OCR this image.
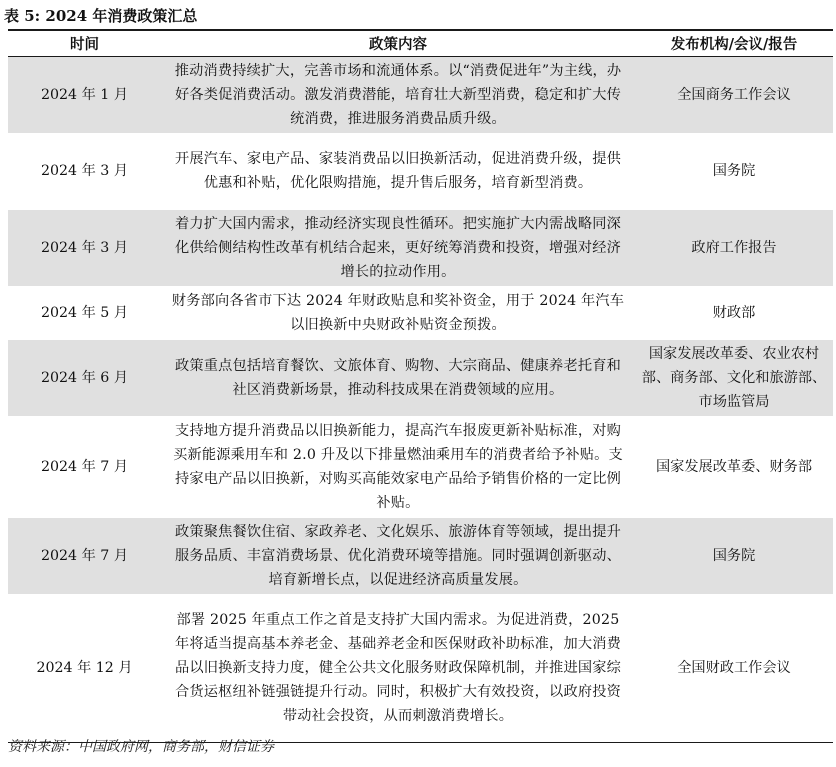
表 5: 2024 年消费政策汇总
时间	政策内容	发布机构/会议/报告
2024 年 1 月	推动消费持续扩大，完善市场和流通体系。以“消费促进年”为主线，办好各类促消费活动。激发消费潜能，培育壮大新型消费，稳定和扩大传统消费，推进服务消费品质升级。	全国商务工作会议
2024 年 3 月	开展汽车、家电产品、家装消费品以旧换新活动，促进消费升级，提供优惠和补贴，优化限购措施，提升售后服务，培育新型消费。	国务院
2024 年 3 月	着力扩大国内需求，推动经济实现良性循环。把实施扩大内需战略同深化供给侧结构性改革有机结合起来，更好统筹消费和投资，增强对经济增长的拉动作用。	政府工作报告
2024 年 5 月	财务部向各省市下达 2024 年财政贴息和奖补资金，用于 2024 年汽车以旧换新中央财政补贴资金预拨。	财政部
2024 年 6 月	政策重点包括培育餐饮、文旅体育、购物、大宗商品、健康养老托育和社区消费新场景，推动科技成果在消费领域的应用。	国家发展改革委、农业农村部、商务部、文化和旅游部、市场监管局
2024 年 7 月	支持地方提升消费品以旧换新能力，提高汽车报废更新补贴标准，对购买新能源乘用车和 2.0 升及以下排量燃油乘用车的消费者给予补贴。支持家电产品以旧换新，对购买高能效家电产品给予销售价格的一定比例补贴。	国家发展改革委、财务部
2024 年 7 月	政策聚焦餐饮住宿、家政养老、文化娱乐、旅游体育等领域，提出提升服务品质、丰富消费场景、优化消费环境等措施。同时强调创新驱动、培育新增长点，以促进经济高质量发展。	国务院
2024 年 12 月	部署 2025 年重点工作之首是支持扩大国内需求。为促进消费，2025 年将适当提高基本养老金、基础养老金和医保财政补助标准，加大消费品以旧换新支持力度，健全公共文化服务财政保障机制，并推进国家综合货运枢纽补链强链提升行动。同时，积极扩大有效投资，以政府投资带动社会投资，从而刺激消费增长。	全国财政工作会议
资料来源：中国政府网，商务部，财信证券
